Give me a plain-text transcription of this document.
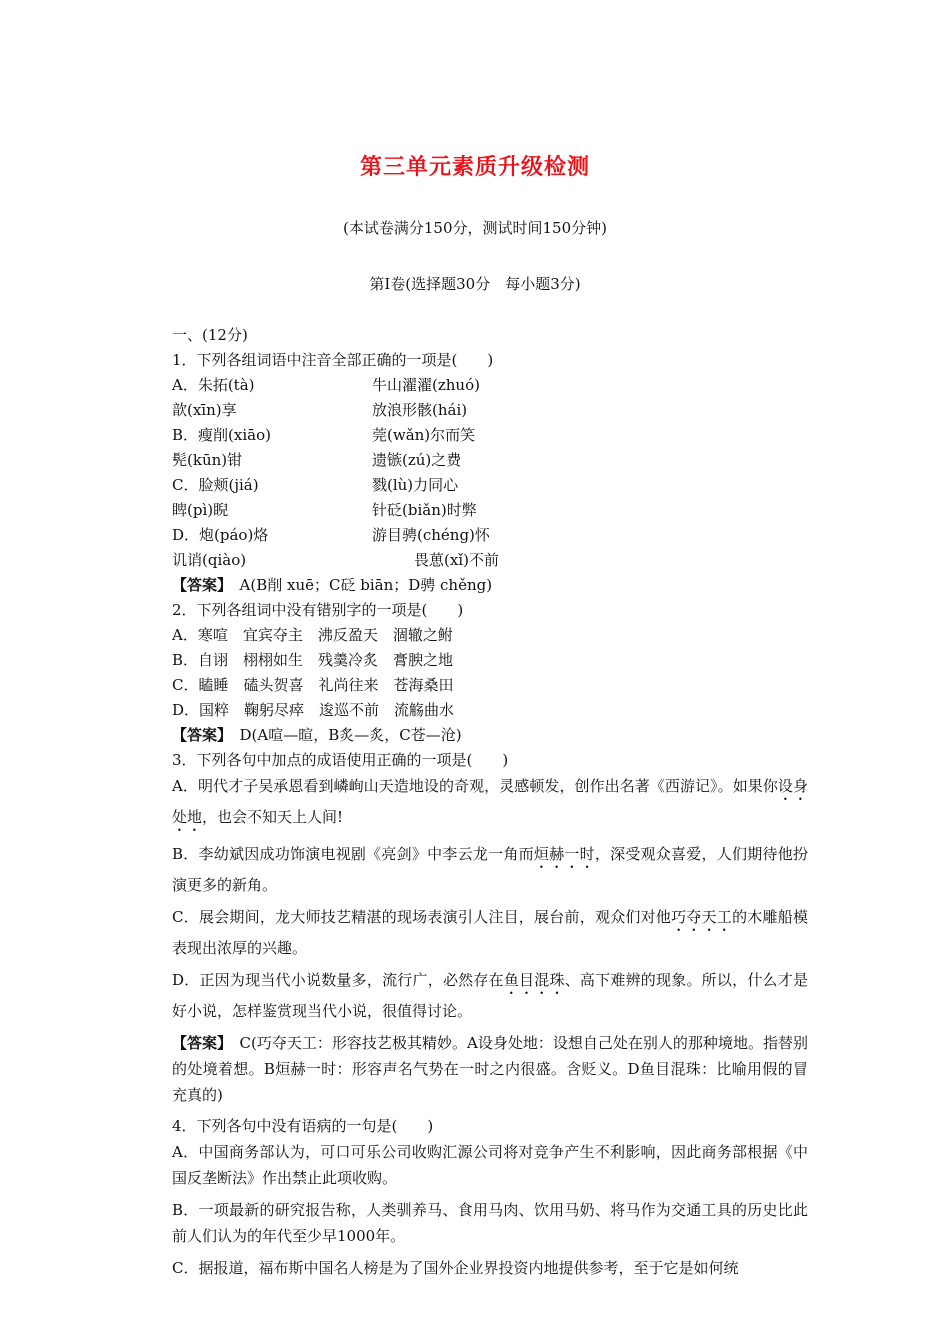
第三单元素质升级检测
(本试卷满分150分，测试时间150分钟)
第Ⅰ卷(选择题30分　每小题3分)
一、(12分)
1．下列各组词语中注音全部正确的一项是(　　)
A．朱拓(tà)	牛山濯濯(zhuó)
歆(xīn)享	放浪形骸(hái)
B．瘦削(xiāo)	莞(wǎn)尔而笑
髡(kūn)钳	遗镞(zú)之费
C．脸颊(jiá)	戮(lù)力同心
睥(pì)睨	针砭(biǎn)时弊
D．炮(páo)烙	游目骋(chéng)怀
讥诮(qiào)	畏葸(xǐ)不前
【答案】　A(B削 xuē；C砭 biān；D骋 chěng)
2．下列各组词中没有错别字的一项是(　　)
A．寒喧　宜宾夺主　沸反盈天　涸辙之鲋
B．自诩　栩栩如生　残羹冷炙　膏腴之地
C．瞌睡　磕头贺喜　礼尚往来　苍海桑田
D．国粹　鞠躬尽瘁　逡巡不前　流觞曲水
【答案】　D(A喧—暄，B炙—炙，C苍—沧)
3．下列各句中加点的成语使用正确的一项是(　　)

A．明代才子吴承恩看到嶙峋山天造地设的奇观，灵感顿发，创作出名著《西游记》。如果你设身处地，也会不知天上人间!

B．李幼斌因成功饰演电视剧《亮剑》中李云龙一角而烜赫一时，深受观众喜爱，人们期待他扮演更多的新角。

C．展会期间，龙大师技艺精湛的现场表演引人注目，展台前，观众们对他巧夺天工的木雕船模表现出浓厚的兴趣。

D．正因为现当代小说数量多，流行广，必然存在鱼目混珠、高下难辨的现象。所以，什么才是好小说，怎样鉴赏现当代小说，很值得讨论。

【答案】　C(巧夺天工：形容技艺极其精妙。A设身处地：设想自己处在别人的那种境地。指替别的处境着想。B烜赫一时：形容声名气势在一时之内很盛。含贬义。D鱼目混珠：比喻用假的冒充真的)

4．下列各句中没有语病的一句是(　　)

A．中国商务部认为，可口可乐公司收购汇源公司将对竞争产生不利影响，因此商务部根据《中国反垄断法》作出禁止此项收购。

B．一项最新的研究报告称，人类驯养马、食用马肉、饮用马奶、将马作为交通工具的历史比此前人们认为的年代至少早1000年。

C．据报道，福布斯中国名人榜是为了国外企业界投资内地提供参考，至于它是如何统
